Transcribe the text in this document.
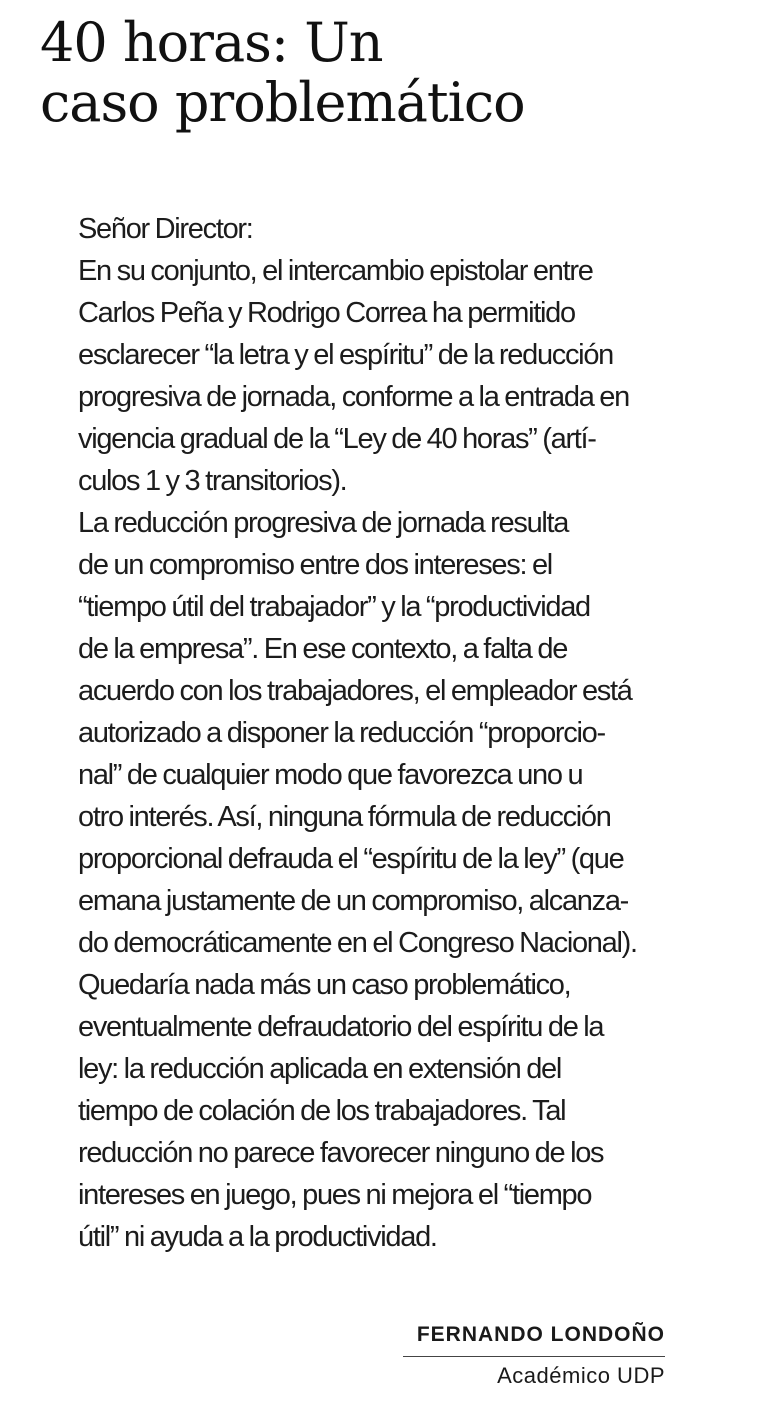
40 horas: Un
caso problemático

Señor Director:

En su conjunto, el intercambio epistolar entre
Carlos Peña y Rodrigo Correa ha permitido
esclarecer “la letra y el espíritu” de la reducción
progresiva de jornada, conforme a la entrada en
vigencia gradual de la “Ley de 40 horas” (artí-
culos 1 y 3 transitorios).

La reducción progresiva de jornada resulta
de un compromiso entre dos intereses: el
“tiempo útil del trabajador” y la “productividad
de la empresa”. En ese contexto, a falta de
acuerdo con los trabajadores, el empleador está
autorizado a disponer la reducción “proporcio-
nal” de cualquier modo que favorezca uno u
otro interés. Así, ninguna fórmula de reducción
proporcional defrauda el “espíritu de la ley” (que
emana justamente de un compromiso, alcanza-
do democráticamente en el Congreso Nacional).

Quedaría nada más un caso problemático,
eventualmente defraudatorio del espíritu de la
ley: la reducción aplicada en extensión del
tiempo de colación de los trabajadores. Tal
reducción no parece favorecer ninguno de los
intereses en juego, pues ni mejora el “tiempo
útil” ni ayuda a la productividad.

FERNANDO LONDOÑO
Académico UDP
